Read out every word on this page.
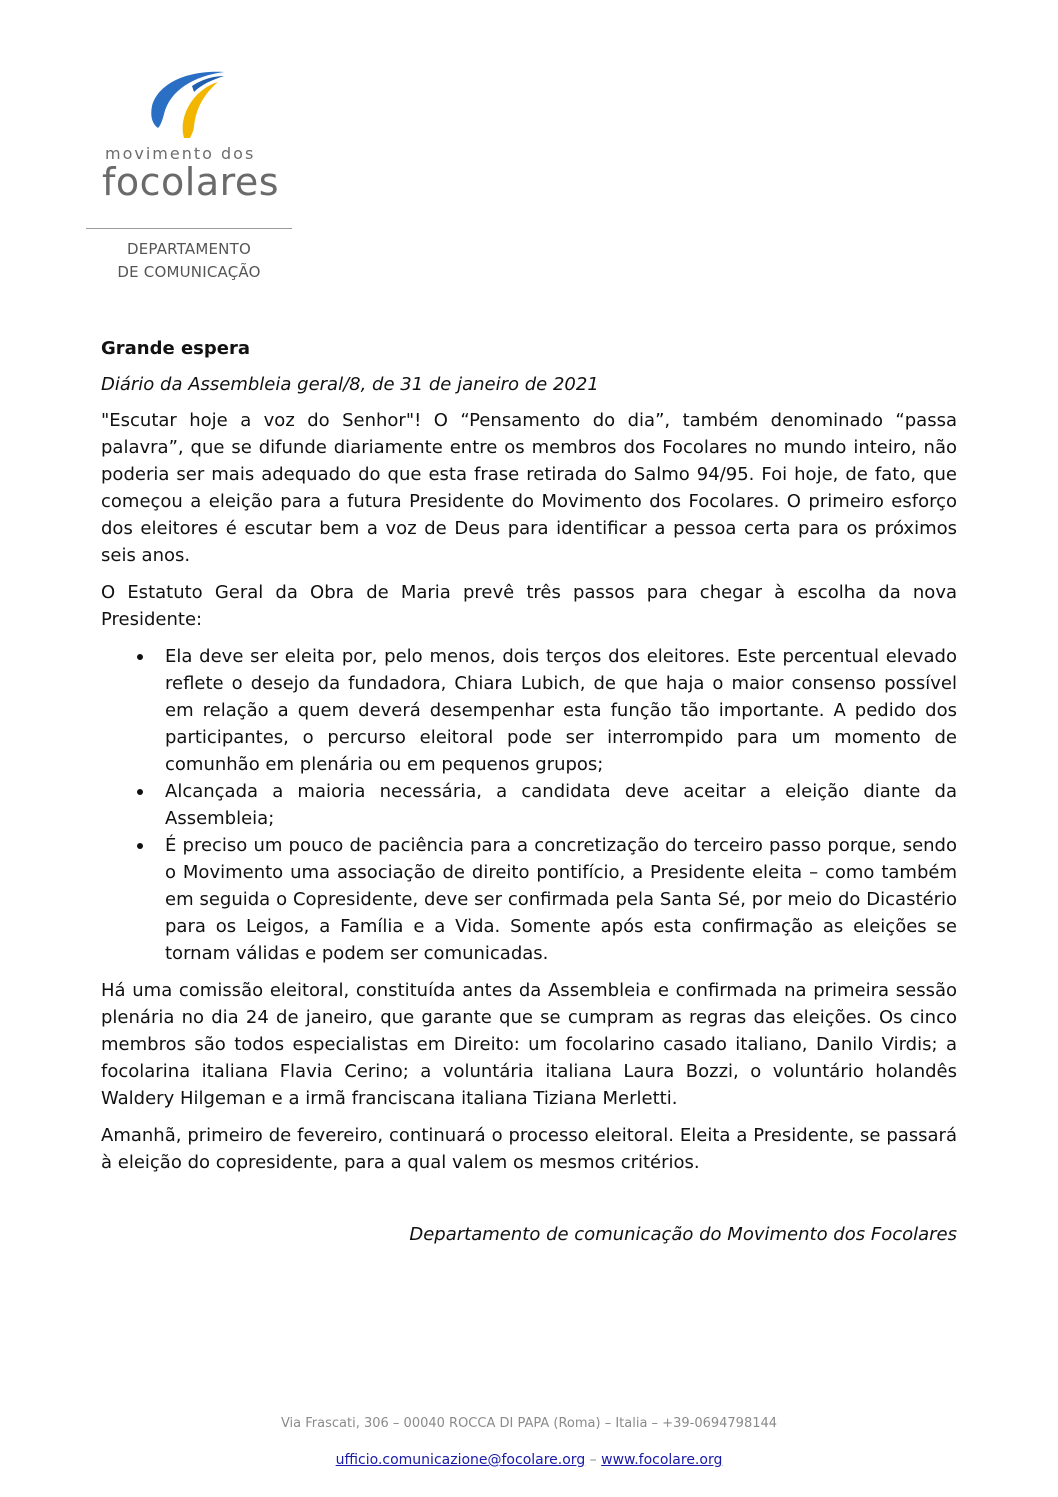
movimento dos
focolares
DEPARTAMENTO
DE COMUNICAÇÃO
Grande espera
Diário da Assembleia geral/8, de 31 de janeiro de 2021

"Escutar hoje a voz do Senhor"! O “Pensamento do dia”, também denominado “passa palavra”, que se difunde diariamente entre os membros dos Focolares no mundo inteiro, não poderia ser mais adequado do que esta frase retirada do Salmo 94/95. Foi hoje, de fato, que começou a eleição para a futura Presidente do Movimento dos Focolares. O primeiro esforço dos eleitores é escutar bem a voz de Deus para identificar a pessoa certa para os próximos seis anos.

O Estatuto Geral da Obra de Maria prevê três passos para chegar à escolha da nova Presidente:

Ela deve ser eleita por, pelo menos, dois terços dos eleitores. Este percentual elevado reflete o desejo da fundadora, Chiara Lubich, de que haja o maior consenso possível em relação a quem deverá desempenhar esta função tão importante. A pedido dos participantes, o percurso eleitoral pode ser interrompido para um momento de comunhão em plenária ou em pequenos grupos;
Alcançada a maioria necessária, a candidata deve aceitar a eleição diante da Assembleia;
É preciso um pouco de paciência para a concretização do terceiro passo porque, sendo o Movimento uma associação de direito pontifício, a Presidente eleita – como também em seguida o Copresidente, deve ser confirmada pela Santa Sé, por meio do Dicastério para os Leigos, a Família e a Vida. Somente após esta confirmação as eleições se tornam válidas e podem ser comunicadas.

Há uma comissão eleitoral, constituída antes da Assembleia e confirmada na primeira sessão plenária no dia 24 de janeiro, que garante que se cumpram as regras das eleições. Os cinco membros são todos especialistas em Direito: um focolarino casado italiano, Danilo Virdis; a focolarina italiana Flavia Cerino; a voluntária italiana Laura Bozzi, o voluntário holandês Waldery Hilgeman e a irmã franciscana italiana Tiziana Merletti.

Amanhã, primeiro de fevereiro, continuará o processo eleitoral. Eleita a Presidente, se passará à eleição do copresidente, para a qual valem os mesmos critérios.

Departamento de comunicação do Movimento dos Focolares
Via Frascati, 306 – 00040 ROCCA DI PAPA (Roma) – Italia – +39-0694798144
ufficio.comunicazione@focolare.org – www.focolare.org
